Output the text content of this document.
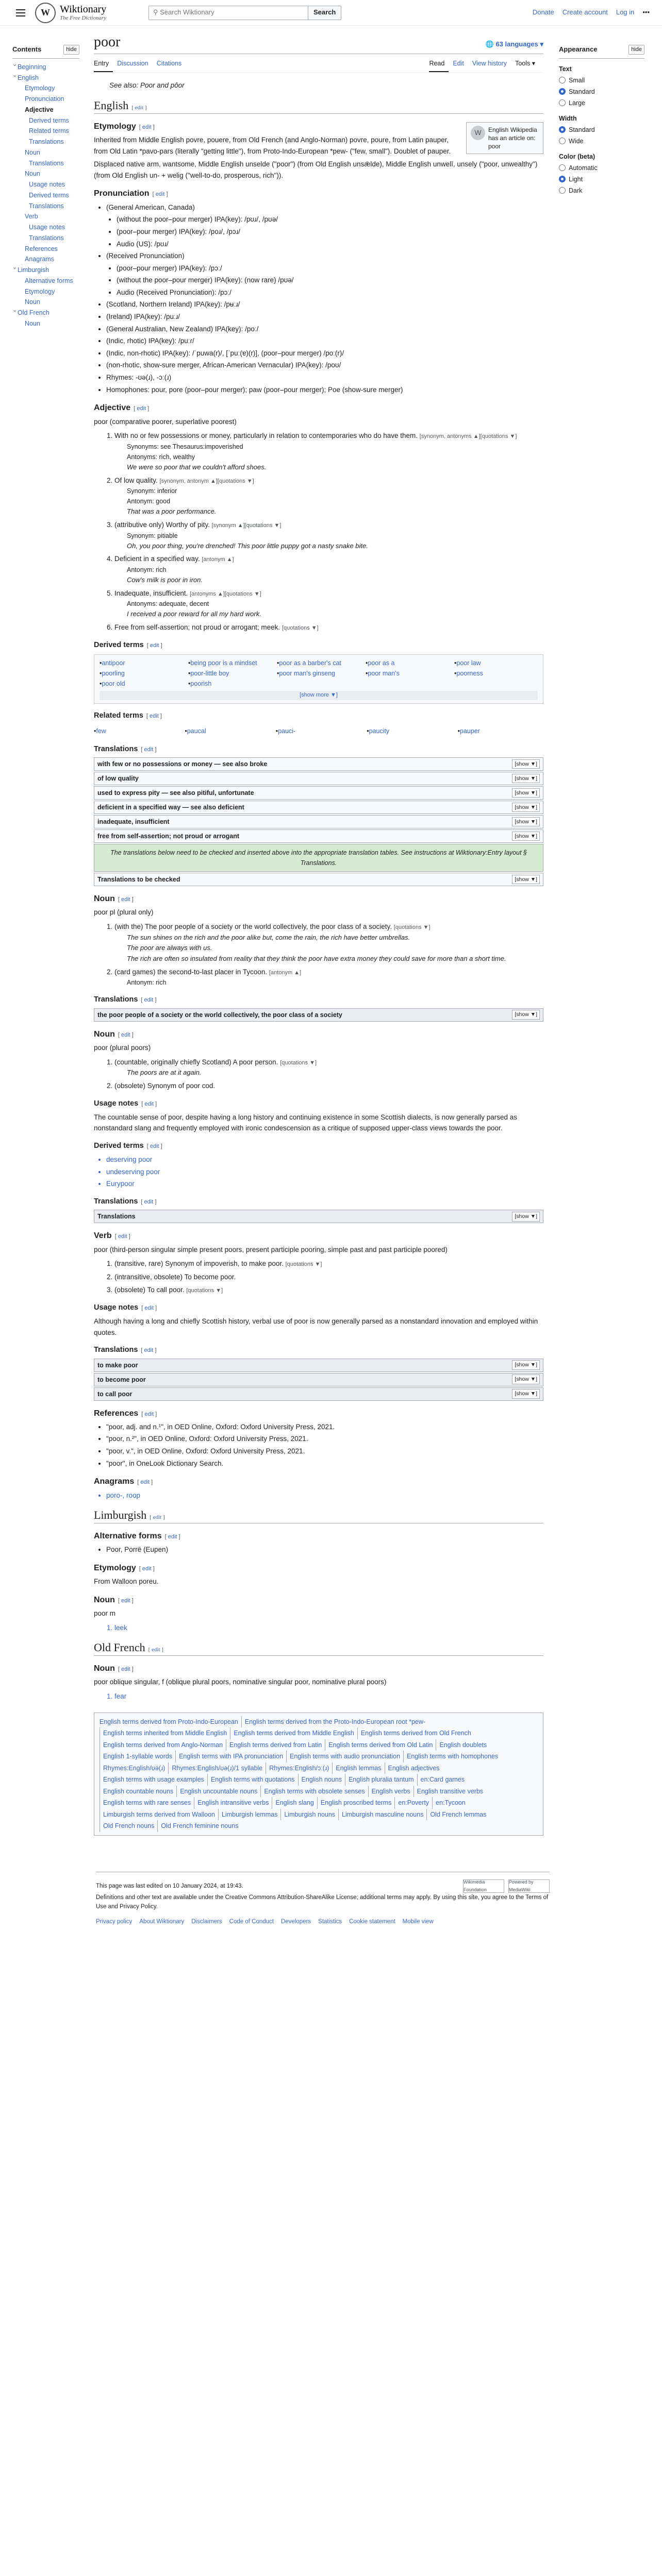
W Wiktionary
The Free Dictionary
⚲ Search Wiktionary	Search	Donate Create account Log in •••
Contents	hide
⌄ Beginning
⌄ English
Etymology
Pronunciation
Adjective
Derived terms
Related terms
Translations
Noun
Translations
Noun
Usage notes
Derived terms
Translations
Verb
Usage notes
Translations
References
Anagrams
⌄ Limburgish
Alternative forms
Etymology
Noun
⌄ Old French
Noun
poor	🌐 63 languages ▾
Entry	Discussion	Citations	Read	Edit	View history	Tools ▾

See also: Poor and pôor

English [ edit ]
W	English Wikipedia has an article on: poor
Etymology [ edit ]

Inherited from Middle English povre, pouere, from Old French (and Anglo-Norman) povre, poure, from Latin pauper, from Old Latin *pavo-pars (literally "getting little"), from Proto-Indo-European *pew- ("few, small"). Doublet of pauper.

Displaced native arm, wantsome, Middle English unselde ("poor") (from Old English unsǣlde), Middle English unwelī, unsely ("poor, unwealthy") (from Old English un- + welig ("well-to-do, prosperous, rich")).

Pronunciation [ edit ]
• (General American, Canada)
• (without the poor–pour merger) IPA(key): /pʊɹ/, /pʊə/
• (poor–pour merger) IPA(key): /poɹ/, /pɔɹ/
• Audio (US): /pʊɹ/
• (Received Pronunciation)
• (poor–pour merger) IPA(key): /pɔː/
• (without the poor–pour merger) IPA(key): (now rare) /pʊə/
• Audio (Received Pronunciation): /pɔː/
• (Scotland, Northern Ireland) IPA(key): /pʉːɹ/
• (Ireland) IPA(key): /puːɹ/
• (General Australian, New Zealand) IPA(key): /poː/
• (Indic, rhotic) IPA(key): /puːɾ/
• (Indic, non-rhotic) IPA(key): /ˈpuwa(r)/, [ˈpuː(ɐ)(r)], (poor–pour merger) /poː(r)/
• (non-rhotic, show-sure merger, African-American Vernacular) IPA(key): /poʊ/
• Rhymes: -ʊə(ɹ), -ɔː(ɹ)
• Homophones: pour, pore (poor–pour merger); paw (poor–pour merger); Poe (show-sure merger)
Adjective [ edit ]

poor (comparative poorer, superlative poorest)

1. With no or few possessions or money, particularly in relation to contemporaries who do have them. [synonym, antonyms ▲][quotations ▼]
Synonyms: see Thesaurus:impoverished
Antonyms: rich, wealthy
We were so poor that we couldn't afford shoes.
2. Of low quality. [synonym, antonym ▲][quotations ▼]
Synonym: inferior
Antonym: good
That was a poor performance.
3. (attributive only) Worthy of pity. [synonym ▲][quotations ▼]
Synonym: pitiable
Oh, you poor thing, you're drenched! This poor little puppy got a nasty snake bite.
4. Deficient in a specified way. [antonym ▲]
Antonym: rich
Cow's milk is poor in iron.
5. Inadequate, insufficient. [antonyms ▲][quotations ▼]
Antonyms: adequate, decent
I received a poor reward for all my hard work.
6. Free from self-assertion; not proud or arrogant; meek. [quotations ▼]
Derived terms [ edit ]
• antipoor	• being poor is a mindset	• poor as a barber's cat	• poor as a	• poor law
• poorling	• poor-little boy	• poor man's ginseng	• poor man's	• poorness
• poor old	• poorish
[show more ▼]
Related terms [ edit ]
• few	• paucal	• pauci-	• paucity	• pauper
Translations [ edit ]
with few or no possessions or money — see also broke	[show ▼]
of low quality	[show ▼]
used to express pity — see also pitiful, unfortunate	[show ▼]
deficient in a specified way — see also deficient	[show ▼]
inadequate, insufficient	[show ▼]
free from self-assertion; not proud or arrogant	[show ▼]
The translations below need to be checked and inserted above into the appropriate translation tables. See instructions at Wiktionary:Entry layout § Translations.
Translations to be checked	[show ▼]
Noun [ edit ]

poor pl (plural only)

1. (with the) The poor people of a society or the world collectively, the poor class of a society. [quotations ▼]
The sun shines on the rich and the poor alike but, come the rain, the rich have better umbrellas.
The poor are always with us.
The rich are often so insulated from reality that they think the poor have extra money they could save for more than a short time.
2. (card games) the second-to-last placer in Tycoon. [antonym ▲]
Antonym: rich
Translations [ edit ]
the poor people of a society or the world collectively, the poor class of a society	[show ▼]
Noun [ edit ]

poor (plural poors)

1. (countable, originally chiefly Scotland) A poor person. [quotations ▼]
The poors are at it again.
2. (obsolete) Synonym of poor cod.
Usage notes [ edit ]

The countable sense of poor, despite having a long history and continuing existence in some Scottish dialects, is now generally parsed as nonstandard slang and frequently employed with ironic condescension as a critique of supposed upper-class views towards the poor.

Derived terms [ edit ]
• deserving poor
• undeserving poor
• Eurypoor
Translations [ edit ]
Translations	[show ▼]
Verb [ edit ]

poor (third-person singular simple present poors, present participle pooring, simple past and past participle poored)

1. (transitive, rare) Synonym of impoverish, to make poor. [quotations ▼]
2. (intransitive, obsolete) To become poor.
3. (obsolete) To call poor. [quotations ▼]
Usage notes [ edit ]

Although having a long and chiefly Scottish history, verbal use of poor is now generally parsed as a nonstandard innovation and employed within quotes.

Translations [ edit ]
to make poor	[show ▼]
to become poor	[show ▼]
to call poor	[show ▼]
References [ edit ]
• "poor, adj. and n.¹", in OED Online, Oxford: Oxford University Press, 2021.
• "poor, n.²", in OED Online, Oxford: Oxford University Press, 2021.
• "poor, v.", in OED Online, Oxford: Oxford University Press, 2021.
• "poor", in OneLook Dictionary Search.
Anagrams [ edit ]
• poro-, roop
Limburgish [ edit ]
Alternative forms [ edit ]
• Poor, Porrë (Eupen)
Etymology [ edit ]

From Walloon poreu.

Noun [ edit ]

poor m

1. leek
Old French [ edit ]
Noun [ edit ]

poor oblique singular, f (oblique plural poors, nominative singular poor, nominative plural poors)

1. fear
English terms derived from Proto-Indo-European English terms derived from the Proto-Indo-European root *pew-English terms inherited from Middle English English terms derived from Middle English English terms derived from Old FrenchEnglish terms derived from Anglo-Norman English terms derived from Latin English terms derived from Old Latin English doubletsEnglish 1-syllable words English terms with IPA pronunciation English terms with audio pronunciation English terms with homophonesRhymes:English/ʊə(ɹ) Rhymes:English/ʊə(ɹ)/1 syllable Rhymes:English/ɔː(ɹ) English lemmas English adjectivesEnglish terms with usage examples English terms with quotations English nouns English pluralia tantum en:Card gamesEnglish countable nouns English uncountable nouns English terms with obsolete senses English verbs English transitive verbsEnglish terms with rare senses English intransitive verbs English slang English proscribed terms en:Poverty en:TycoonLimburgish terms derived from Walloon Limburgish lemmas Limburgish nouns Limburgish masculine nouns Old French lemmasOld French nouns Old French feminine nouns
Appearance	hide
Text
Small
Standard
Large
Width
Standard
Wide
Color (beta)
Automatic
Light
Dark
Wikimedia Foundation
Powered by MediaWiki

This page was last edited on 10 January 2024, at 19:43.

Definitions and other text are available under the Creative Commons Attribution-ShareAlike License; additional terms may apply. By using this site, you agree to the Terms of Use and Privacy Policy.

Privacy policy About Wiktionary Disclaimers Code of Conduct Developers Statistics Cookie statement Mobile view
